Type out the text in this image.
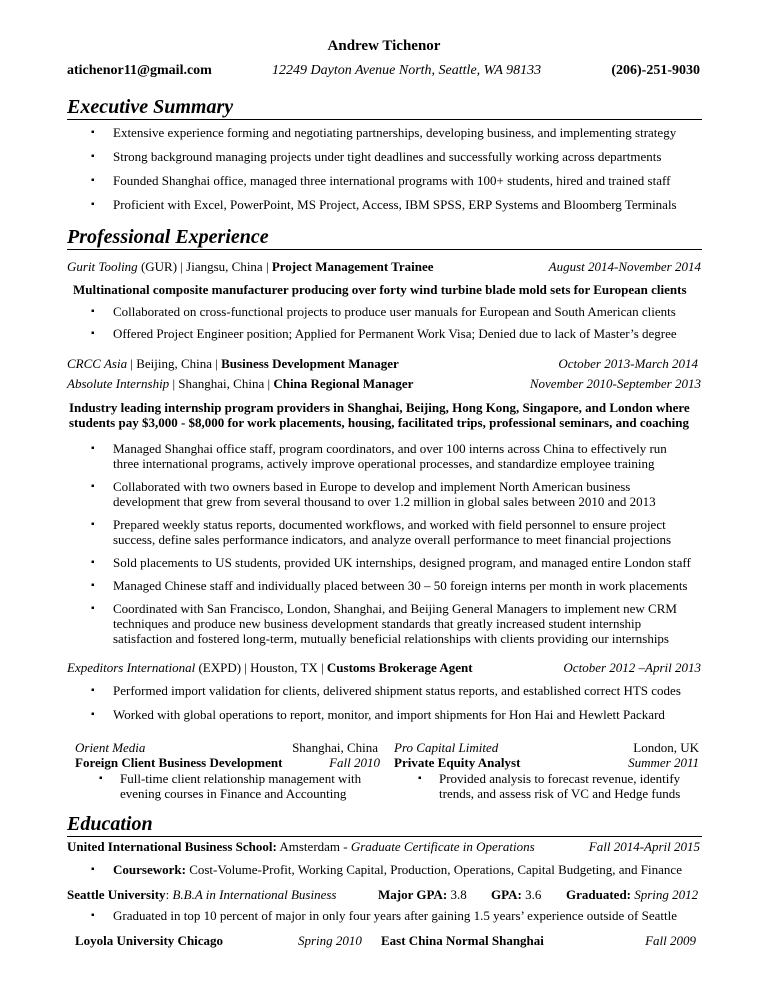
Andrew Tichenor
atichenor11@gmail.com	12249 Dayton Avenue North, Seattle, WA 98133	(206)-251-9030
Executive Summary
▪ Extensive experience forming and negotiating partnerships, developing business, and implementing strategy
▪ Strong background managing projects under tight deadlines and successfully working across departments
▪ Founded Shanghai office, managed three international programs with 100+ students, hired and trained staff
▪ Proficient with Excel, PowerPoint, MS Project, Access, IBM SPSS, ERP Systems and Bloomberg Terminals
Professional Experience
Gurit Tooling (GUR) | Jiangsu, China | Project Management Trainee	August 2014-November 2014
Multinational composite manufacturer producing over forty wind turbine blade mold sets for European clients
▪ Collaborated on cross-functional projects to produce user manuals for European and South American clients
▪ Offered Project Engineer position; Applied for Permanent Work Visa; Denied due to lack of Master’s degree
CRCC Asia | Beijing, China | Business Development Manager	October 2013-March 2014
Absolute Internship | Shanghai, China | China Regional Manager	November 2010-September 2013
Industry leading internship program providers in Shanghai, Beijing, Hong Kong, Singapore, and London where
students pay $3,000 - $8,000 for work placements, housing, facilitated trips, professional seminars, and coaching
▪ Managed Shanghai office staff, program coordinators, and over 100 interns across China to effectively run
three international programs, actively improve operational processes, and standardize employee training
▪ Collaborated with two owners based in Europe to develop and implement North American business
development that grew from several thousand to over 1.2 million in global sales between 2010 and 2013
▪ Prepared weekly status reports, documented workflows, and worked with field personnel to ensure project
success, define sales performance indicators, and analyze overall performance to meet financial projections
▪ Sold placements to US students, provided UK internships, designed program, and managed entire London staff
▪ Managed Chinese staff and individually placed between 30 – 50 foreign interns per month in work placements
▪ Coordinated with San Francisco, London, Shanghai, and Beijing General Managers to implement new CRM
techniques and produce new business development standards that greatly increased student internship
satisfaction and fostered long-term, mutually beneficial relationships with clients providing our internships
Expeditors International (EXPD) | Houston, TX | Customs Brokerage Agent	October 2012 –April 2013
▪ Performed import validation for clients, delivered shipment status reports, and established correct HTS codes
▪ Worked with global operations to report, monitor, and import shipments for Hon Hai and Hewlett Packard
Orient Media	Shanghai, China
Foreign Client Business Development	Fall 2010
▪ Full-time client relationship management with
evening courses in Finance and Accounting
Pro Capital Limited	London, UK
Private Equity Analyst	Summer 2011
▪ Provided analysis to forecast revenue, identify
trends, and assess risk of VC and Hedge funds
Education
United International Business School: Amsterdam - Graduate Certificate in Operations	Fall 2014-April 2015
▪ Coursework: Cost-Volume-Profit, Working Capital, Production, Operations, Capital Budgeting, and Finance
Seattle University: B.B.A in International Business	Major GPA: 3.8 GPA: 3.6 Graduated: Spring 2012
▪ Graduated in top 10 percent of major in only four years after gaining 1.5 years’ experience outside of Seattle
Loyola University Chicago	Spring 2010 East China Normal Shanghai	Fall 2009
